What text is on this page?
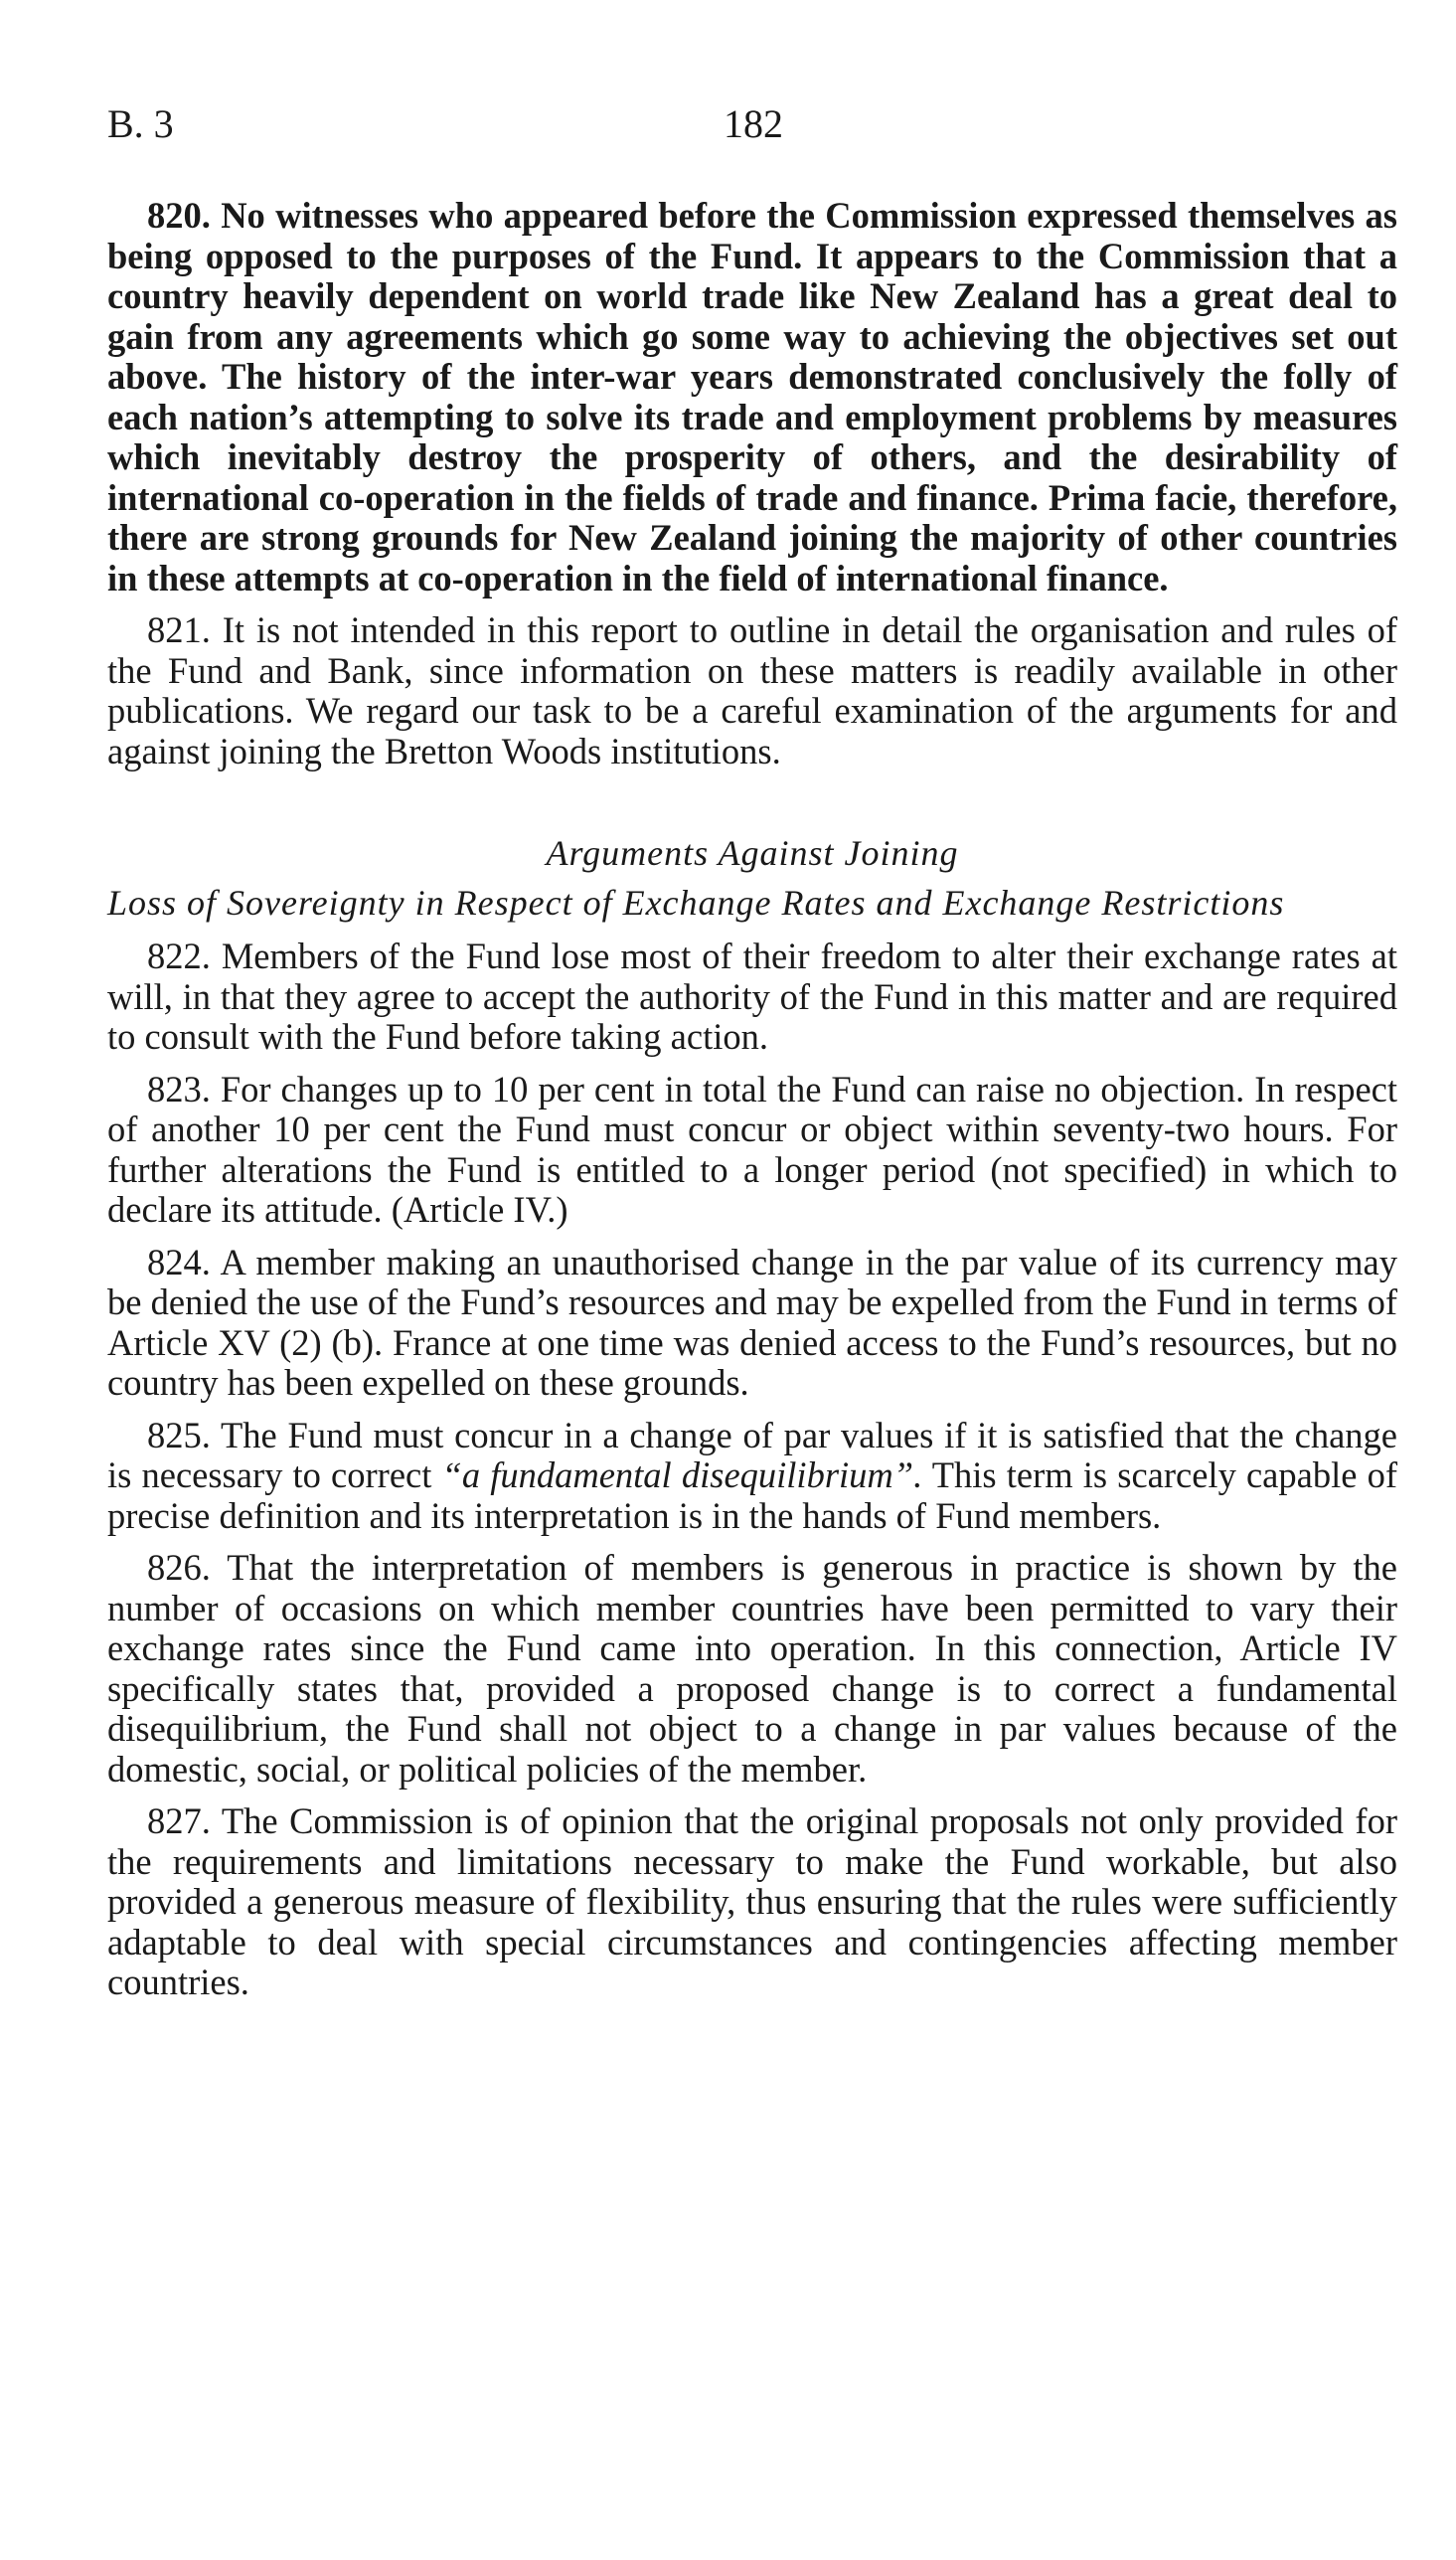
B. 3	182

820. No witnesses who appeared before the Commission expressed themselves as being opposed to the purposes of the Fund. It appears to the Commission that a country heavily dependent on world trade like New Zealand has a great deal to gain from any agreements which go some way to achieving the objectives set out above. The history of the inter-war years demonstrated conclusively the folly of each nation’s attempting to solve its trade and employment problems by measures which inevitably destroy the prosperity of others, and the desirability of international co-operation in the fields of trade and finance. Prima facie, therefore, there are strong grounds for New Zealand joining the majority of other countries in these attempts at co-operation in the field of international finance.

821. It is not intended in this report to outline in detail the organisation and rules of the Fund and Bank, since information on these matters is readily available in other publications. We regard our task to be a careful examination of the arguments for and against joining the Bretton Woods institutions.

Arguments Against Joining
Loss of Sovereignty in Respect of Exchange Rates and Exchange Restrictions

822. Members of the Fund lose most of their freedom to alter their exchange rates at will, in that they agree to accept the authority of the Fund in this matter and are required to consult with the Fund before taking action.

823. For changes up to 10 per cent in total the Fund can raise no objection. In respect of another 10 per cent the Fund must concur or object within seventy-two hours. For further alterations the Fund is entitled to a longer period (not specified) in which to declare its attitude. (Article IV.)

824. A member making an unauthorised change in the par value of its currency may be denied the use of the Fund’s resources and may be expelled from the Fund in terms of Article XV (2) (b). France at one time was denied access to the Fund’s resources, but no country has been expelled on these grounds.

825. The Fund must concur in a change of par values if it is satisfied that the change is necessary to correct “a fundamental disequilibrium”. This term is scarcely capable of precise definition and its interpretation is in the hands of Fund members.

826. That the interpretation of members is generous in practice is shown by the number of occasions on which member countries have been permitted to vary their exchange rates since the Fund came into operation. In this connection, Article IV specifically states that, provided a proposed change is to correct a fundamental disequilibrium, the Fund shall not object to a change in par values because of the domestic, social, or political policies of the member.

827. The Commission is of opinion that the original proposals not only provided for the requirements and limitations necessary to make the Fund workable, but also provided a generous measure of flexibility, thus ensuring that the rules were sufficiently adaptable to deal with special circumstances and contingencies affecting member countries.
